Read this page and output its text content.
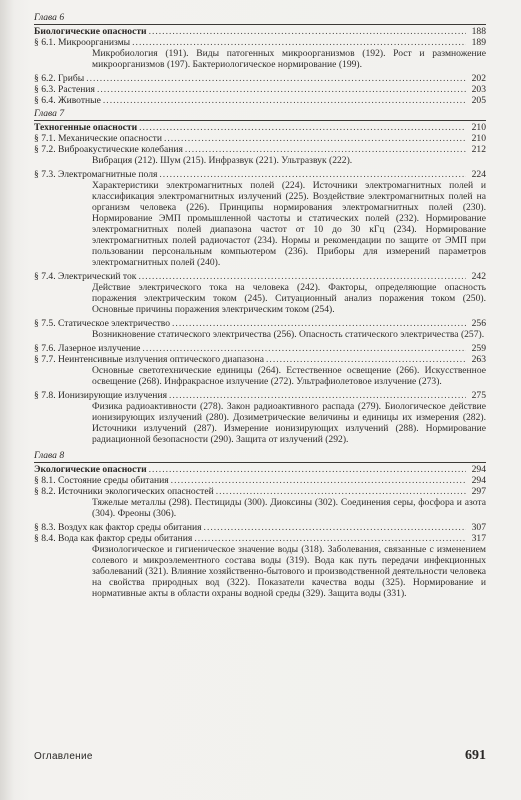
Глава 6
Биологические опасности .....	188
§ 6.1. Микроорганизмы .....	189
Микробиология (191). Виды патогенных микроорганизмов (192). Рост и размножение микроорганизмов (197). Бактериологическое нормирование (199).
§ 6.2. Грибы .....	202
§ 6.3. Растения .....	203
§ 6.4. Животные .....	205
Глава 7
Техногенные опасности .....	210
§ 7.1. Механические опасности .....	210
§ 7.2. Виброакустические колебания .....	212
Вибрация (212). Шум (215). Инфразвук (221). Ультразвук (222).
§ 7.3. Электромагнитные поля .....	224
Характеристики электромагнитных полей (224). Источники электромагнитных полей и классификация электромагнитных излучений (225). Воздействие электромагнитных полей на организм человека (226). Принципы нормирования электромагнитных полей (230). Нормирование ЭМП промышленной частоты и статических полей (232). Нормирование электромагнитных полей диапазона частот от 10 до 30 кГц (234). Нормирование электромагнитных полей радиочастот (234). Нормы и рекомендации по защите от ЭМП при пользовании персональным компьютером (236). Приборы для измерений параметров электромагнитных полей (240).
§ 7.4. Электрический ток .....	242
Действие электрического тока на человека (242). Факторы, определяющие опасность поражения электрическим током (245). Ситуационный анализ поражения током (250). Основные причины поражения электрическим током (254).
§ 7.5. Статическое электричество .....	256
Возникновение статического электричества (256). Опасность статического электричества (257).
§ 7.6. Лазерное излучение .....	259
§ 7.7. Неинтенсивные излучения оптического диапазона .....	263
Основные светотехнические единицы (264). Естественное освещение (266). Искусственное освещение (268). Инфракрасное излучение (272). Ультрафиолетовое излучение (273).
§ 7.8. Ионизирующие излучения .....	275
Физика радиоактивности (278). Закон радиоактивного распада (279). Биологическое действие ионизирующих излучений (280). Дозиметрические величины и единицы их измерения (282). Источники излучений (287). Измерение ионизирующих излучений (288). Нормирование радиационной безопасности (290). Защита от излучений (292).
Глава 8
Экологические опасности .....	294
§ 8.1. Состояние среды обитания .....	294
§ 8.2. Источники экологических опасностей .....	297
Тяжелые металлы (298). Пестициды (300). Диоксины (302). Соединения серы, фосфора и азота (304). Фреоны (306).
§ 8.3. Воздух как фактор среды обитания .....	307
§ 8.4. Вода как фактор среды обитания .....	317
Физиологическое и гигиеническое значение воды (318). Заболевания, связанные с изменением солевого и микроэлементного состава воды (319). Вода как путь передачи инфекционных заболеваний (321). Влияние хозяйственно-бытового и производственной деятельности человека на свойства природных вод (322). Показатели качества воды (325). Нормирование и нормативные акты в области охраны водной среды (329). Защита воды (331).
Оглавление	691
